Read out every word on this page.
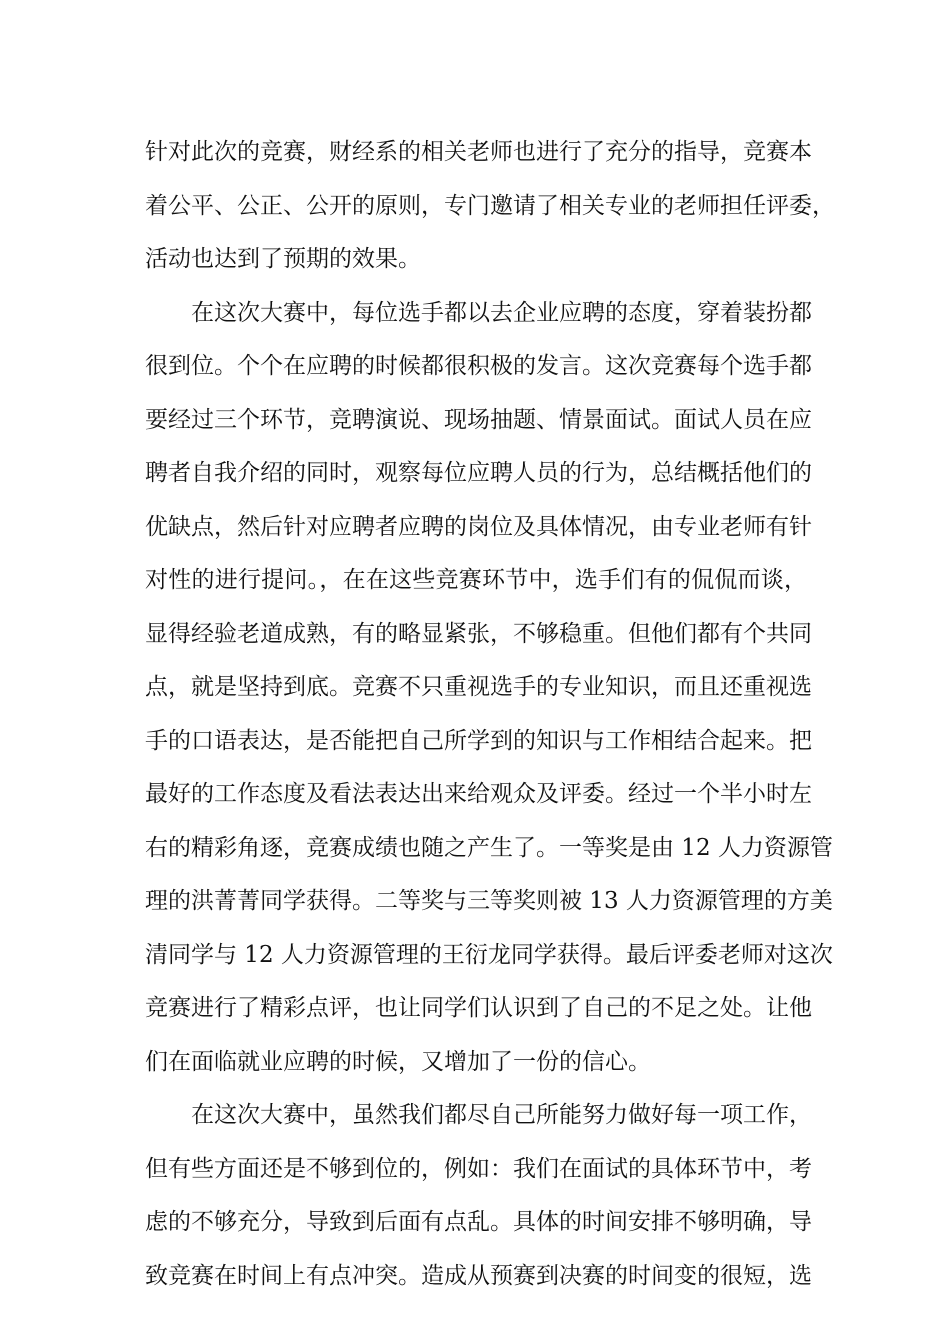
针对此次的竞赛，财经系的相关老师也进行了充分的指导，竞赛本
着公平、公正、公开的原则，专门邀请了相关专业的老师担任评委，
活动也达到了预期的效果。
在这次大赛中，每位选手都以去企业应聘的态度，穿着装扮都
很到位。个个在应聘的时候都很积极的发言。这次竞赛每个选手都
要经过三个环节，竞聘演说、现场抽题、情景面试。面试人员在应
聘者自我介绍的同时，观察每位应聘人员的行为，总结概括他们的
优缺点，然后针对应聘者应聘的岗位及具体情况，由专业老师有针
对性的进行提问。，在在这些竞赛环节中，选手们有的侃侃而谈，
显得经验老道成熟，有的略显紧张，不够稳重。但他们都有个共同
点，就是坚持到底。竞赛不只重视选手的专业知识，而且还重视选
手的口语表达，是否能把自己所学到的知识与工作相结合起来。把
最好的工作态度及看法表达出来给观众及评委。经过一个半小时左
右的精彩角逐，竞赛成绩也随之产生了。一等奖是由 12 人力资源管
理的洪菁菁同学获得。二等奖与三等奖则被 13 人力资源管理的方美
清同学与 12 人力资源管理的王衍龙同学获得。最后评委老师对这次
竞赛进行了精彩点评，也让同学们认识到了自己的不足之处。让他
们在面临就业应聘的时候，又增加了一份的信心。
在这次大赛中，虽然我们都尽自己所能努力做好每一项工作，
但有些方面还是不够到位的，例如：我们在面试的具体环节中，考
虑的不够充分，导致到后面有点乱。具体的时间安排不够明确，导
致竞赛在时间上有点冲突。造成从预赛到决赛的时间变的很短，选
